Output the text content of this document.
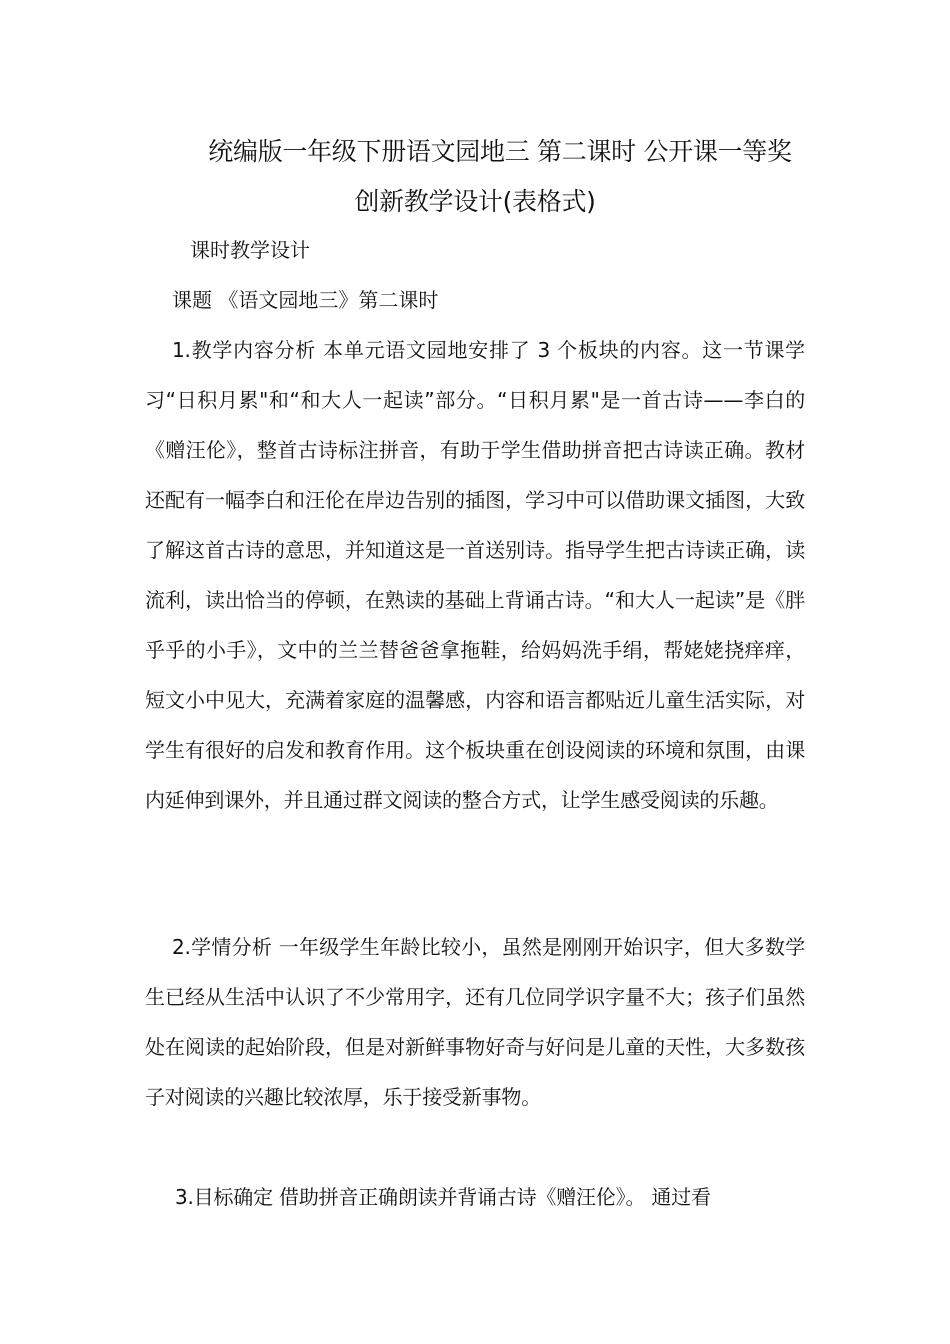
统编版一年级下册语文园地三 第二课时 公开课一等奖
创新教学设计(表格式)
课时教学设计
课题 《语文园地三》第二课时
1.教学内容分析 本单元语文园地安排了 3 个板块的内容。这一节课学习“日积月累"和“和大人一起读”部分。“日积月累"是一首古诗——李白的《赠汪伦》，整首古诗标注拼音，有助于学生借助拼音把古诗读正确。教材还配有一幅李白和汪伦在岸边告别的插图，学习中可以借助课文插图，大致了解这首古诗的意思，并知道这是一首送别诗。指导学生把古诗读正确，读流利，读出恰当的停顿，在熟读的基础上背诵古诗。“和大人一起读”是《胖乎乎的小手》，文中的兰兰替爸爸拿拖鞋，给妈妈洗手绢，帮姥姥挠痒痒，短文小中见大，充满着家庭的温馨感，内容和语言都贴近儿童生活实际，对学生有很好的启发和教育作用。这个板块重在创设阅读的环境和氛围，由课内延伸到课外，并且通过群文阅读的整合方式，让学生感受阅读的乐趣。
2.学情分析 一年级学生年龄比较小，虽然是刚刚开始识字，但大多数学生已经从生活中认识了不少常用字，还有几位同学识字量不大；孩子们虽然处在阅读的起始阶段，但是对新鲜事物好奇与好问是儿童的天性，大多数孩子对阅读的兴趣比较浓厚，乐于接受新事物。
3.目标确定 借助拼音正确朗读并背诵古诗《赠汪伦》。 通过看
